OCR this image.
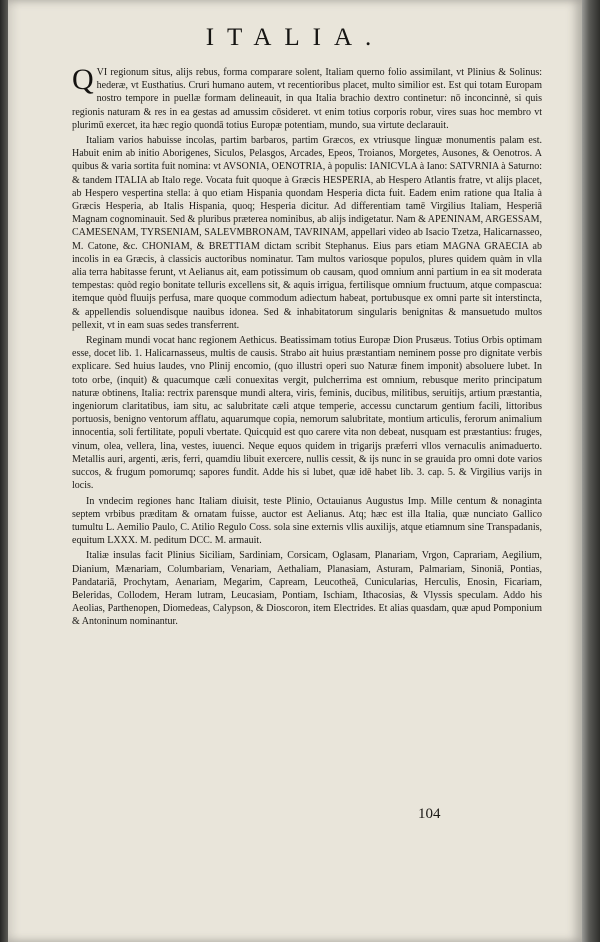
ITALIA.

QVI regionum situs, alijs rebus, forma comparare solent, Italiam querno folio assimilant, vt Plinius & Solinus: hederæ, vt Eusthatius. Cruri humano autem, vt recentioribus placet, multo similior est. Est qui totam Europam nostro tempore in puellæ formam delineauit, in qua Italia brachio dextro continetur: nō inconcinnè, si quis regionis naturam & res in ea gestas ad amussim cōsideret. vt enim totius corporis robur, vires suas hoc membro vt plurimū exercet, ita hæc regio quondā totius Europæ potentiam, mundo, sua virtute declarauit.

Italiam varios habuisse incolas, partim barbaros, partim Græcos, ex vtriusque linguæ monumentis palam est. Habuit enim ab initio Aborigenes, Siculos, Pelasgos, Arcades, Epeos, Troianos, Morgetes, Ausones, & Oenotros. A quibus & varia sortita fuit nomina: vt AVSONIA, OENOTRIA, à populis: IANICVLA à Iano: SATVRNIA à Saturno: & tandem ITALIA ab Italo rege. Vocata fuit quoque à Græcis HESPERIA, ab Hespero Atlantis fratre, vt alijs placet, ab Hespero vespertina stella: à quo etiam Hispania quondam Hesperia dicta fuit. Eadem enim ratione qua Italia à Græcis Hesperia, ab Italis Hispania, quoq; Hesperia dicitur. Ad differentiam tamē Virgilius Italiam, Hesperiā Magnam cognominauit. Sed & pluribus præterea nominibus, ab alijs indigetatur. Nam & APENINAM, ARGESSAM, CAMESENAM, TYRSENIAM, SALEVMBRONAM, TAVRINAM, appellari video ab Isacio Tzetza, Halicarnasseo, M. Catone, &c. CHONIAM, & BRETTIAM dictam scribit Stephanus. Eius pars etiam MAGNA GRAECIA ab incolis in ea Græcis, à classicis auctoribus nominatur. Tam multos variosque populos, plures quidem quàm in vlla alia terra habitasse ferunt, vt Aelianus ait, eam potissimum ob causam, quod omnium anni partium in ea sit moderata tempestas: quòd regio bonitate telluris excellens sit, & aquis irrigua, fertilisque omnium fructuum, atque compascua: itemque quòd fluuijs perfusa, mare quoque commodum adiectum habeat, portubusque ex omni parte sit interstincta, & appellendis soluendisque nauibus idonea. Sed & inhabitatorum singularis benignitas & mansuetudo multos pellexit, vt in eam suas sedes transferrent.

Reginam mundi vocat hanc regionem Aethicus. Beatissimam totius Europæ Dion Prusæus. Totius Orbis optimam esse, docet lib. 1. Halicarnasseus, multis de causis. Strabo ait huius præstantiam neminem posse pro dignitate verbis explicare. Sed huius laudes, vno Plinij encomio, (quo illustri operi suo Naturæ finem imponit) absoluere lubet. In toto orbe, (inquit) & quacumque cæli conuexitas vergit, pulcherrima est omnium, rebusque merito principatum naturæ obtinens, Italia: rectrix parensque mundi altera, viris, feminis, ducibus, militibus, seruitijs, artium præstantia, ingeniorum claritatibus, iam situ, ac salubritate cæli atque temperie, accessu cunctarum gentium facili, littoribus portuosis, benigno ventorum afflatu, aquarumque copia, nemorum salubritate, montium articulis, ferorum animalium innocentia, soli fertilitate, populi vbertate. Quicquid est quo carere vita non debeat, nusquam est præstantius: fruges, vinum, olea, vellera, lina, vestes, iuuenci. Neque equos quidem in trigarijs præferri vllos vernaculis animaduerto. Metallis auri, argenti, æris, ferri, quamdiu libuit exercere, nullis cessit, & ijs nunc in se grauida pro omni dote varios succos, & frugum pomorumq; sapores fundit. Adde his si lubet, quæ idē habet lib. 3. cap. 5. & Virgilius varijs in locis.

In vndecim regiones hanc Italiam diuisit, teste Plinio, Octauianus Augustus Imp. Mille centum & nonaginta septem vrbibus præditam & ornatam fuisse, auctor est Aelianus. Atq; hæc est illa Italia, quæ nunciato Gallico tumultu L. Aemilio Paulo, C. Atilio Regulo Coss. sola sine externis vllis auxilijs, atque etiamnum sine Transpadanis, equitum LXXX. M. peditum DCC. M. armauit.

Italiæ insulas facit Plinius Siciliam, Sardiniam, Corsicam, Oglasam, Planariam, Vrgon, Caprariam, Aegilium, Dianium, Mænariam, Columbariam, Venariam, Aethaliam, Planasiam, Asturam, Palmariam, Sinoniā, Pontias, Pandatariā, Prochytam, Aenariam, Megarim, Capream, Leucotheā, Cunicularias, Herculis, Enosin, Ficariam, Beleridas, Collodem, Heram lutram, Leucasiam, Pontiam, Ischiam, Ithacosias, & Vlyssis speculam. Addo his Aeolias, Parthenopen, Diomedeas, Calypson, & Dioscoron, item Electrides. Et alias quasdam, quæ apud Pomponium & Antoninum nominantur.

104
